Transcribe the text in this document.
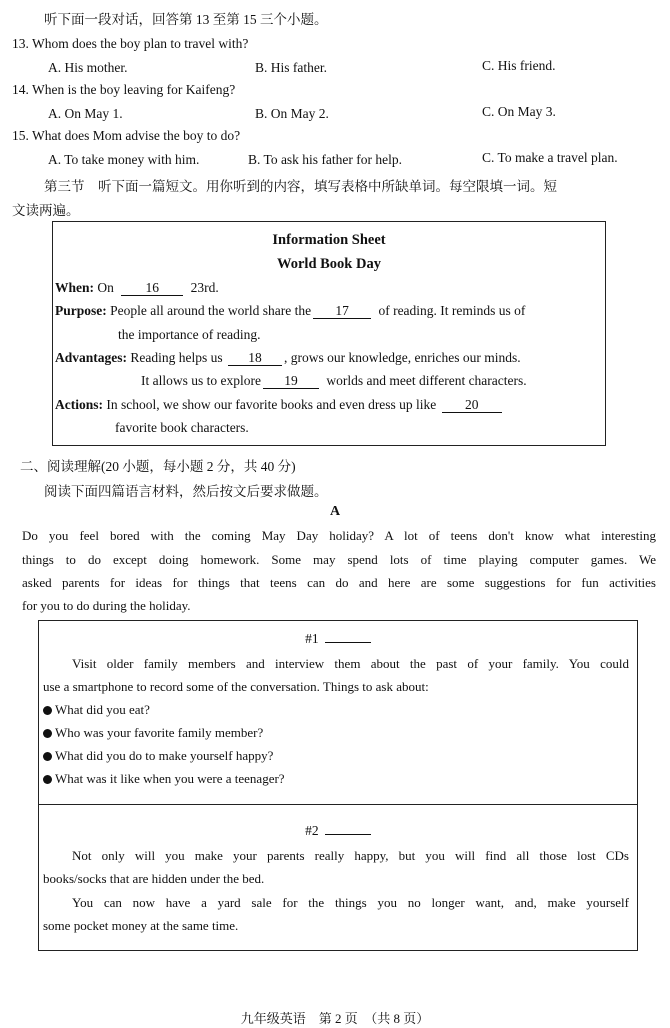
听下面一段对话，回答第 13 至第 15 三个小题。
13. Whom does the boy plan to travel with?
A. His mother.	B. His father.	C. His friend.
14. When is the boy leaving for Kaifeng?
A. On May 1.	B. On May 2.	C. On May 3.
15. What does Mom advise the boy to do?
A. To take money with him.	B. To ask his father for help.	C. To make a travel plan.
第三节　听下面一篇短文。用你听到的内容，填写表格中所缺单词。每空限填一词。短
文读两遍。
Information Sheet
World Book Day
When: On 16 23rd.
Purpose: People all around the world share the 17 of reading. It reminds us of
the importance of reading.
Advantages: Reading helps us 18 , grows our knowledge, enriches our minds.
It allows us to explore 19 worlds and meet different characters.
Actions: In school, we show our favorite books and even dress up like 20
favorite book characters.
二、阅读理解(20 小题，每小题 2 分，共 40 分)
阅读下面四篇语言材料，然后按文后要求做题。
A
Do you feel bored with the coming May Day holiday? A lot of teens don't know what interesting
things to do except doing homework. Some may spend lots of time playing computer games. We
asked parents for ideas for things that teens can do and here are some suggestions for fun activities
for you to do during the holiday.
#1
Visit older family members and interview them about the past of your family. You could
use a smartphone to record some of the conversation. Things to ask about:
What did you eat?
Who was your favorite family member?
What did you do to make yourself happy?
What was it like when you were a teenager?
#2
Not only will you make your parents really happy, but you will find all those lost CDs
books/socks that are hidden under the bed.
You can now have a yard sale for the things you no longer want, and, make yourself
some pocket money at the same time.
九年级英语　第 2 页　（共 8 页）
